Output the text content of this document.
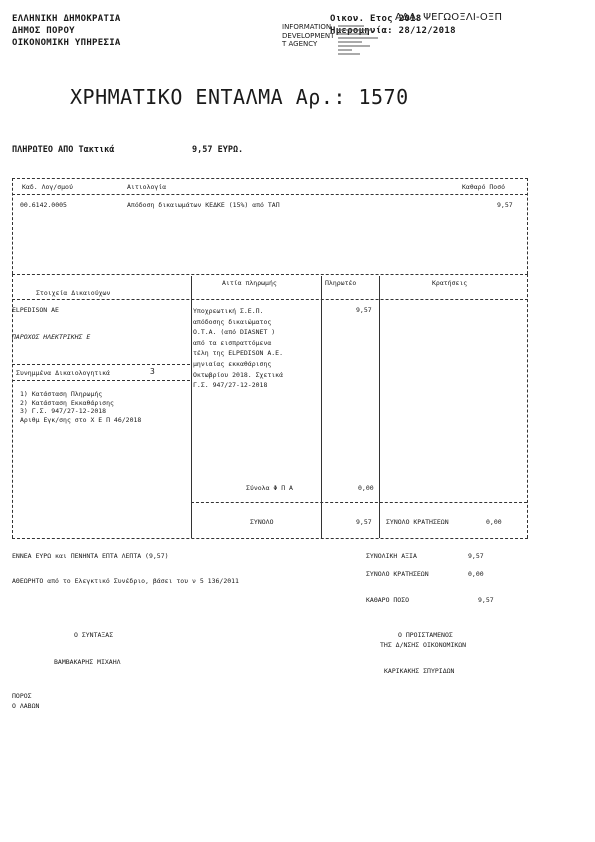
ΕΛΛΗΝΙΚΗ ΔΗΜΟΚΡΑΤΙΑ
ΔΗΜΟΣ ΠΟΡΟΥ
ΟΙΚΟΝΟΜΙΚΗ ΥΠΗΡΕΣΙΑ
Οικον. Ετος 2018
ΑΔΑ: ΨΕΓΩΟΞΛΙ-ΟΞΠ
Ημερομηνία: 28/12/2018
INFORMATION
DEVELOPMENT
T AGENCY
ΧΡΗΜΑΤΙΚΟ ΕΝΤΑΛΜΑ Αρ.: 1570
ΠΛΗΡΩΤΕΟ ΑΠΟ Τακτικά	9,57 ΕΥΡΩ.
Καδ. Λογ/σμού	Αιτιολογία	Καθαρό Ποσό
00.6142.0005	Απόδοση δικαιωμάτων ΚΕΔΚΕ (15%) από ΤΑΠ	9,57
Στοιχεία Δικαιούχων
Αιτία πληρωμής	Πληρωτέο	Κρατήσεις
ELPEDISON ΑΕ
ΠΑΡΟΧΟΣ ΗΛΕΚΤΡΙΚΗΣ Ε
Υποχρεωτική Σ.Ε.Π.
απόδοσης δικαιώματος
Ο.Τ.Α. (από DIASNET )
από τα εισπραττόμενα
τέλη της ELPEDISON Α.Ε.
μηνιαίας εκκαθάρισης
Οκτωβρίου 2018. Σχετικά
Γ.Σ. 947/27-12-2018
9,57
Συνημμένα Δικαιολογητικά	3
1) Κατάσταση Πληρωμής
2) Κατάσταση Εκκαθάρισης
3) Γ.Σ. 947/27-12-2018
Αριθμ Εγκ/σης στο Χ Ε Π 46/2018
Σύνολα Φ Π Α	0,00
ΣΥΝΟΛΟ	9,57 ΣΥΝΟΛΟ ΚΡΑΤΗΣΕΩΝ	0,00
ΕΝΝΕΑ ΕΥΡΩ και ΠΕΝΗΝΤΑ ΕΠΤΑ ΛΕΠΤΑ (9,57)	ΣΥΝΟΛΙΚΗ ΑΞΙΑ	9,57
ΣΥΝΟΛΟ ΚΡΑΤΗΣΕΩΝ	0,00
ΑΘΕΩΡΗΤΟ από το Ελεγκτικό Συνέδριο, βάσει του ν 5 136/2011
ΚΑΘΑΡΟ ΠΟΣΟ	9,57
Ο ΣΥΝΤΑΞΑΣ
ΒΑΜΒΑΚΑΡΗΣ ΜΙΧΑΗΛ
Ο ΠΡΟΙΣΤΑΜΕΝΟΣ
ΤΗΣ Δ/ΝΣΗΣ ΟΙΚΟΝΟΜΙΚΩΝ
ΚΑΡΙΚΑΚΗΣ ΣΠΥΡΙΔΩΝ
ΠΟΡΟΣ
Ο ΛΑΒΩΝ
